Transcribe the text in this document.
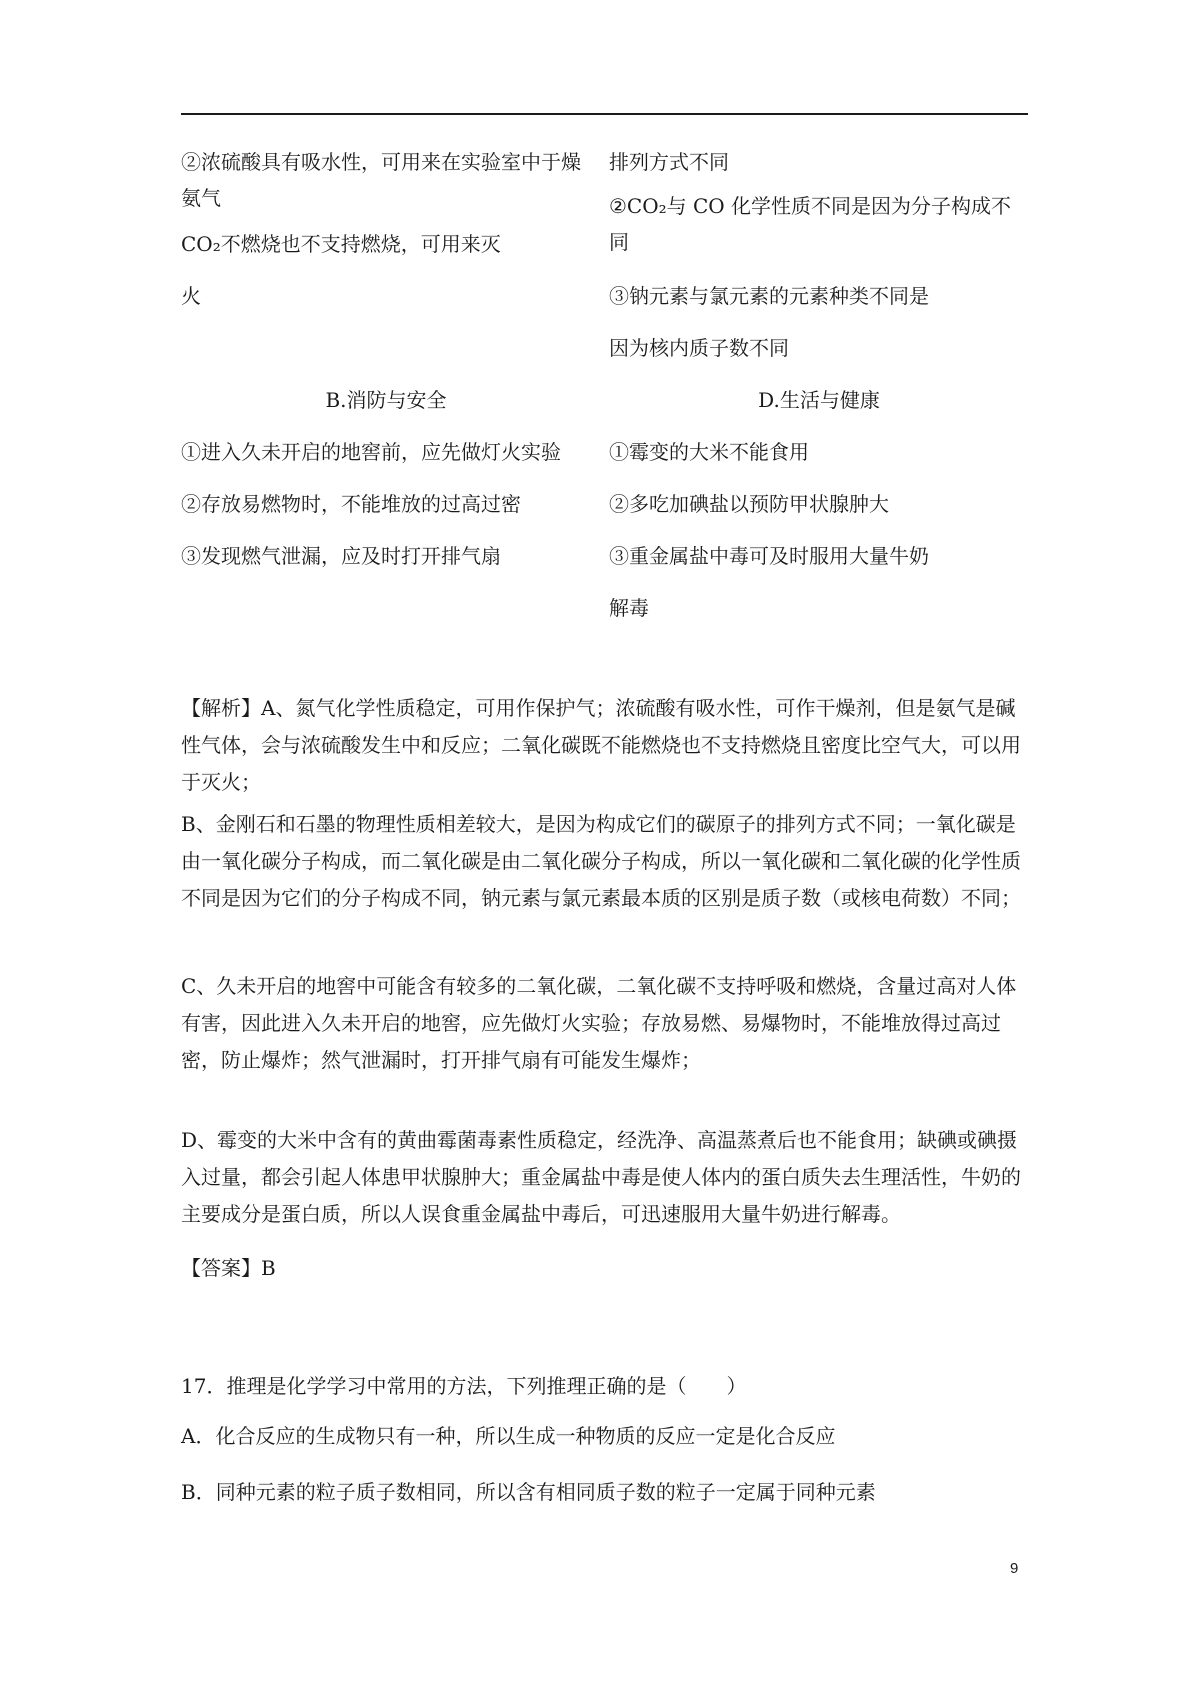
②浓硫酸具有吸水性，可用来在实验室中于燥氨气
CO₂不燃烧也不支持燃烧，可用来灭
火
排列方式不同
②CO₂与 CO 化学性质不同是因为分子构成不同
③钠元素与氯元素的元素种类不同是
因为核内质子数不同
B.消防与安全	D.生活与健康
①进入久未开启的地窖前，应先做灯火实验
②存放易燃物时，不能堆放的过高过密
③发现燃气泄漏，应及时打开排气扇
①霉变的大米不能食用
②多吃加碘盐以预防甲状腺肿大
③重金属盐中毒可及时服用大量牛奶
解毒

【解析】A、氮气化学性质稳定，可用作保护气；浓硫酸有吸水性，可作干燥剂，但是氨气是碱性气体，会与浓硫酸发生中和反应；二氧化碳既不能燃烧也不支持燃烧且密度比空气大，可以用于灭火；

B、金刚石和石墨的物理性质相差较大，是因为构成它们的碳原子的排列方式不同；一氧化碳是由一氧化碳分子构成，而二氧化碳是由二氧化碳分子构成，所以一氧化碳和二氧化碳的化学性质不同是因为它们的分子构成不同，钠元素与氯元素最本质的区别是质子数（或核电荷数）不同；

C、久未开启的地窖中可能含有较多的二氧化碳，二氧化碳不支持呼吸和燃烧，含量过高对人体有害，因此进入久未开启的地窖，应先做灯火实验；存放易燃、易爆物时，不能堆放得过高过密，防止爆炸；然气泄漏时，打开排气扇有可能发生爆炸；

D、霉变的大米中含有的黄曲霉菌毒素性质稳定，经洗净、高温蒸煮后也不能食用；缺碘或碘摄入过量，都会引起人体患甲状腺肿大；重金属盐中毒是使人体内的蛋白质失去生理活性，牛奶的主要成分是蛋白质，所以人误食重金属盐中毒后，可迅速服用大量牛奶进行解毒。

【答案】B
17．推理是化学学习中常用的方法，下列推理正确的是（　　）
A．化合反应的生成物只有一种，所以生成一种物质的反应一定是化合反应
B．同种元素的粒子质子数相同，所以含有相同质子数的粒子一定属于同种元素
9
